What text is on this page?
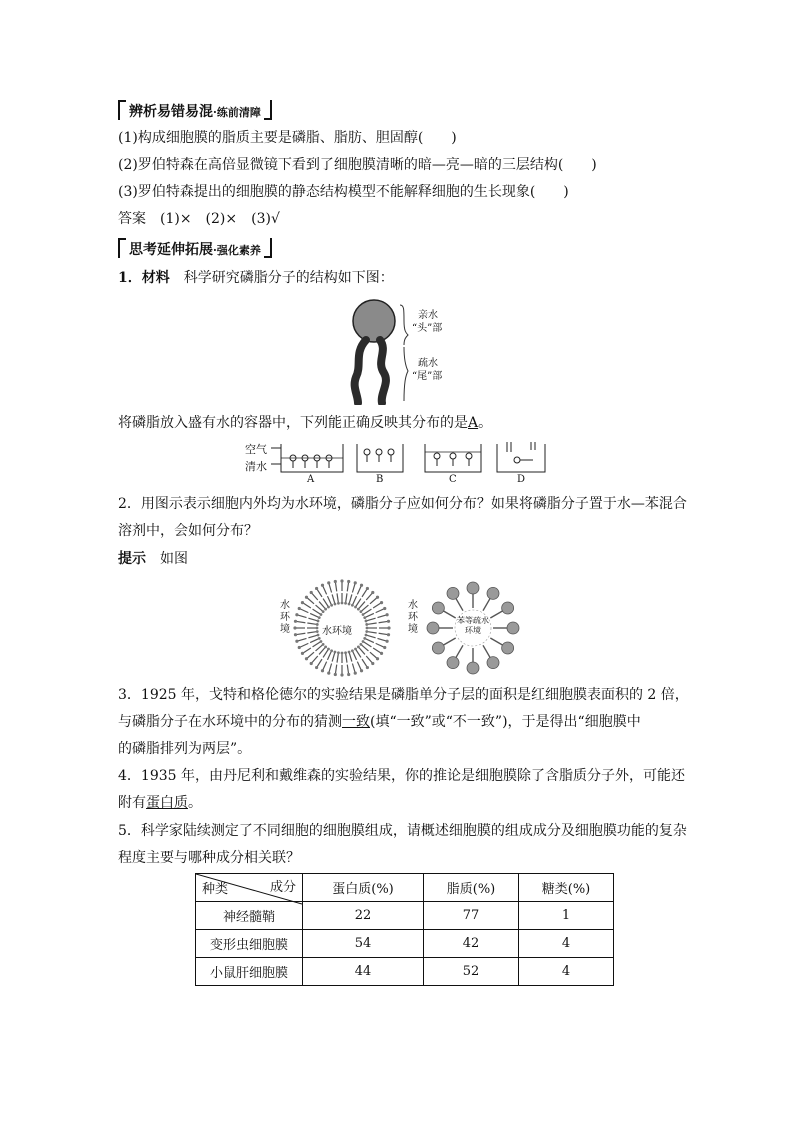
辨析易错易混·练前清障
(1)构成细胞膜的脂质主要是磷脂、脂肪、胆固醇(　　)
(2)罗伯特森在高倍显微镜下看到了细胞膜清晰的暗—亮—暗的三层结构(　　)
(3)罗伯特森提出的细胞膜的静态结构模型不能解释细胞的生长现象(　　)
答案　(1)×　(2)×　(3)√
思考延伸拓展·强化素养
1．材料　科学研究磷脂分子的结构如下图：
亲水
“头”部
疏水
“尾”部
将磷脂放入盛有水的容器中，下列能正确反映其分布的是A。
空气
清水
A	B	C	D
2．用图示表示细胞内外均为水环境，磷脂分子应如何分布？如果将磷脂分子置于水—苯混合
溶剂中，会如何分布？
提示　 如图
水环境	水环境
水环境
苯等疏水
环境
3．1925 年，戈特和格伦德尔的实验结果是磷脂单分子层的面积是红细胞膜表面积的 2 倍，
与磷脂分子在水环境中的分布的猜测一致(填“一致”或“不一致”)，于是得出“细胞膜中
的磷脂排列为两层”。
4．1935 年，由丹尼利和戴维森的实验结果，你的推论是细胞膜除了含脂质分子外，可能还
附有蛋白质。
5．科学家陆续测定了不同细胞的细胞膜组成，请概述细胞膜的组成成分及细胞膜功能的复杂
程度主要与哪种成分相关联？
成分
种类	蛋白质(%)	脂质(%)	糖类(%)
神经髓鞘	22	77	1
变形虫细胞膜	54	42	4
小鼠肝细胞膜	44	52	4
